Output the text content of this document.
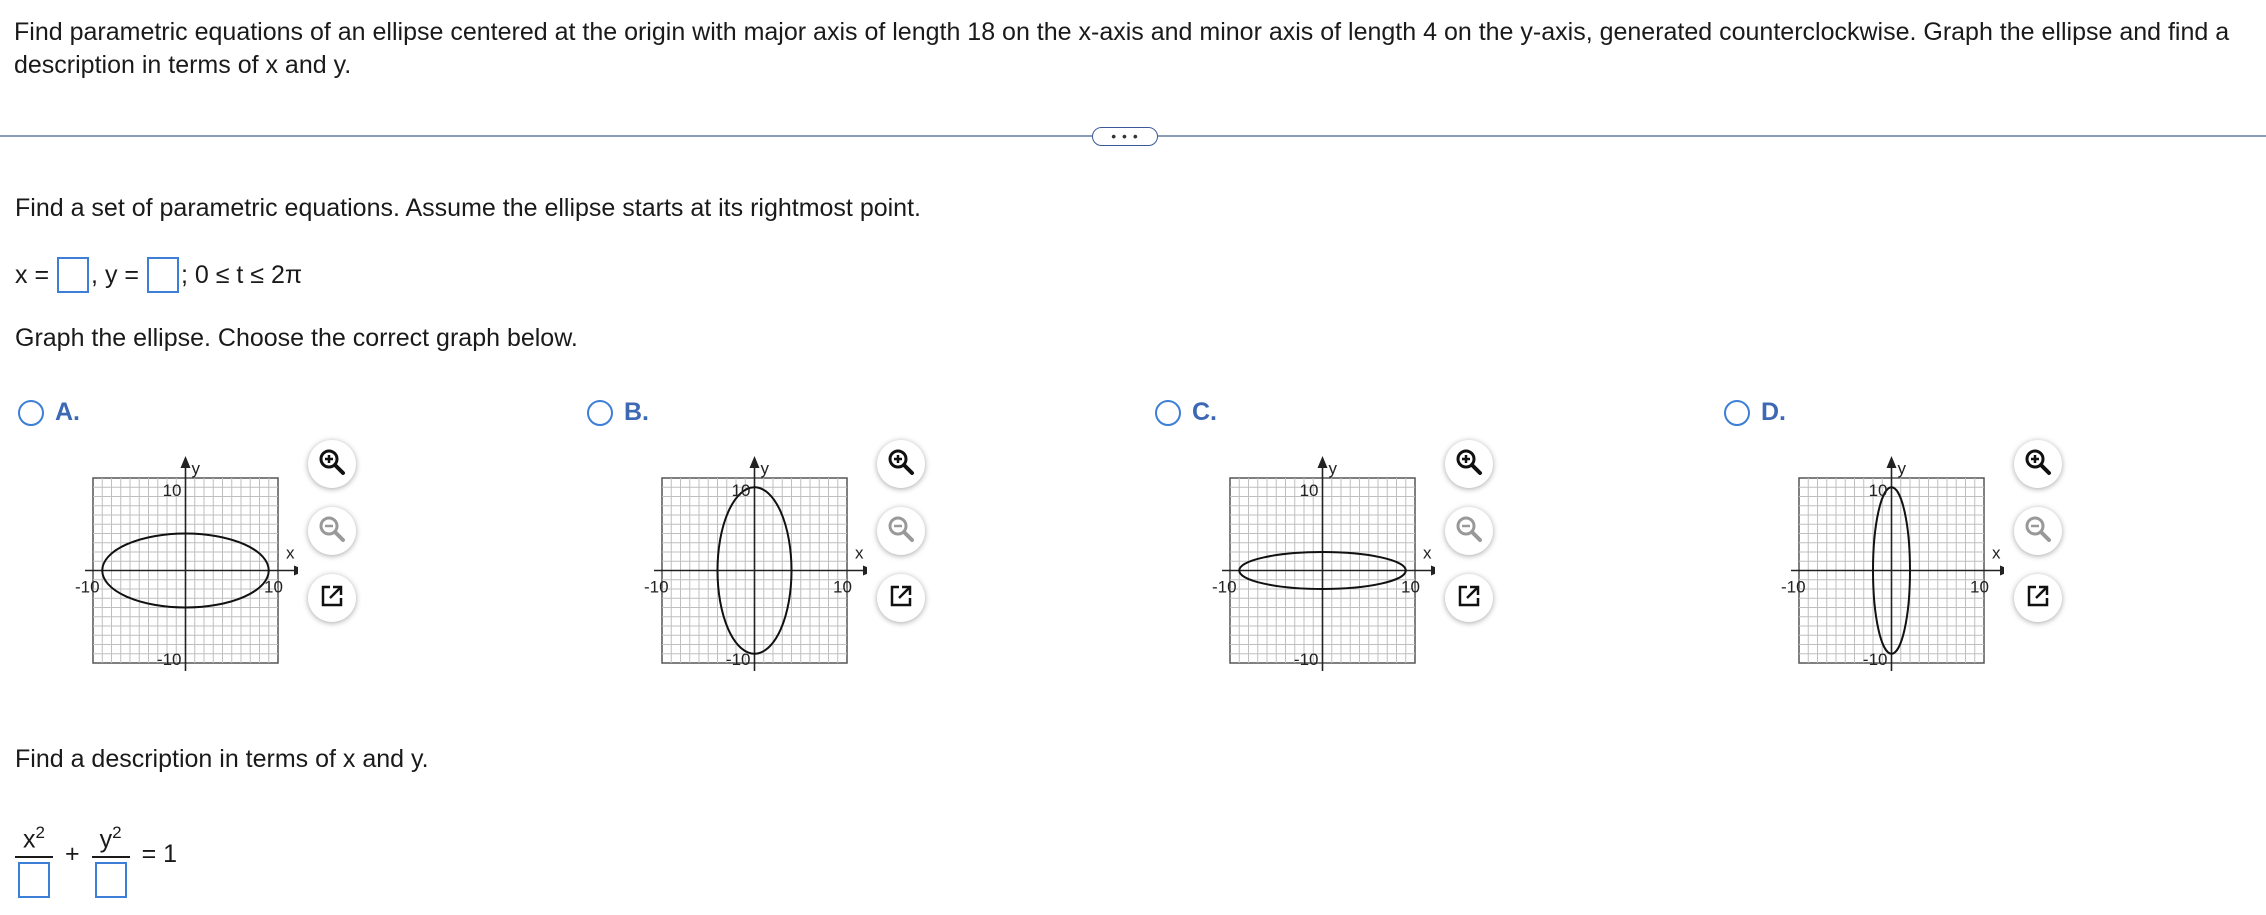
Find parametric equations of an ellipse centered at the origin with major axis of length 18 on the x-axis and minor axis of length 4 on the y-axis, generated counterclockwise. Graph the ellipse and find a description in terms of x and y.
• • •
Find a set of parametric equations. Assume the ellipse starts at its rightmost point.
x = , y = ; 0 ≤ t ≤ 2π
Graph the ellipse. Choose the correct graph below.
A.
y
x
10
-10
-10	10
B.
y
x
10
-10
-10	10
C.
y
x
10
-10
-10	10
D.
y
x
10
-10
-10	10
Find a description in terms of x and y.
$x^2$
+
$y^2$
= 1
